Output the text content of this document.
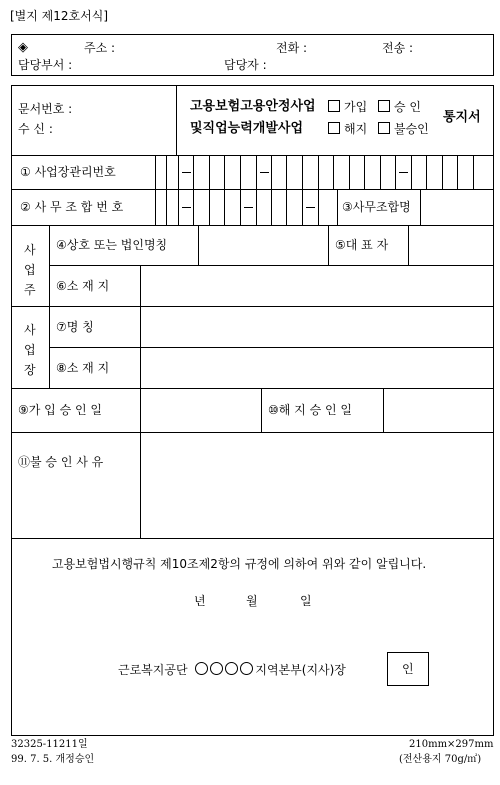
[별지 제12호서식]
◈	주소 :	전화 :	전송 :
담당부서 :	담당자 :
문서번호 :
수 신 :
고용보험고용안정사업
및직업능력개발사업
가입	승 인
해지	불승인
통지서
① 사업장관리번호
② 사 무 조 합 번 호	③사무조합명
사
업
주
④상호 또는 법인명칭	⑤대 표 자
⑥소 재 지
사
업
장
⑦명 칭
⑧소 재 지
⑨가 입 승 인 일	⑩해 지 승 인 일
⑪불 승 인 사 유
고용보험법시행규칙 제10조제2항의 규정에 의하여 위와 같이 알립니다.
년	월	일
근로복지공단	지역본부(지사)장	인
32325-11211일
99. 7. 5. 개정승인
210mm×297mm
(전산용지 70g/㎡)
